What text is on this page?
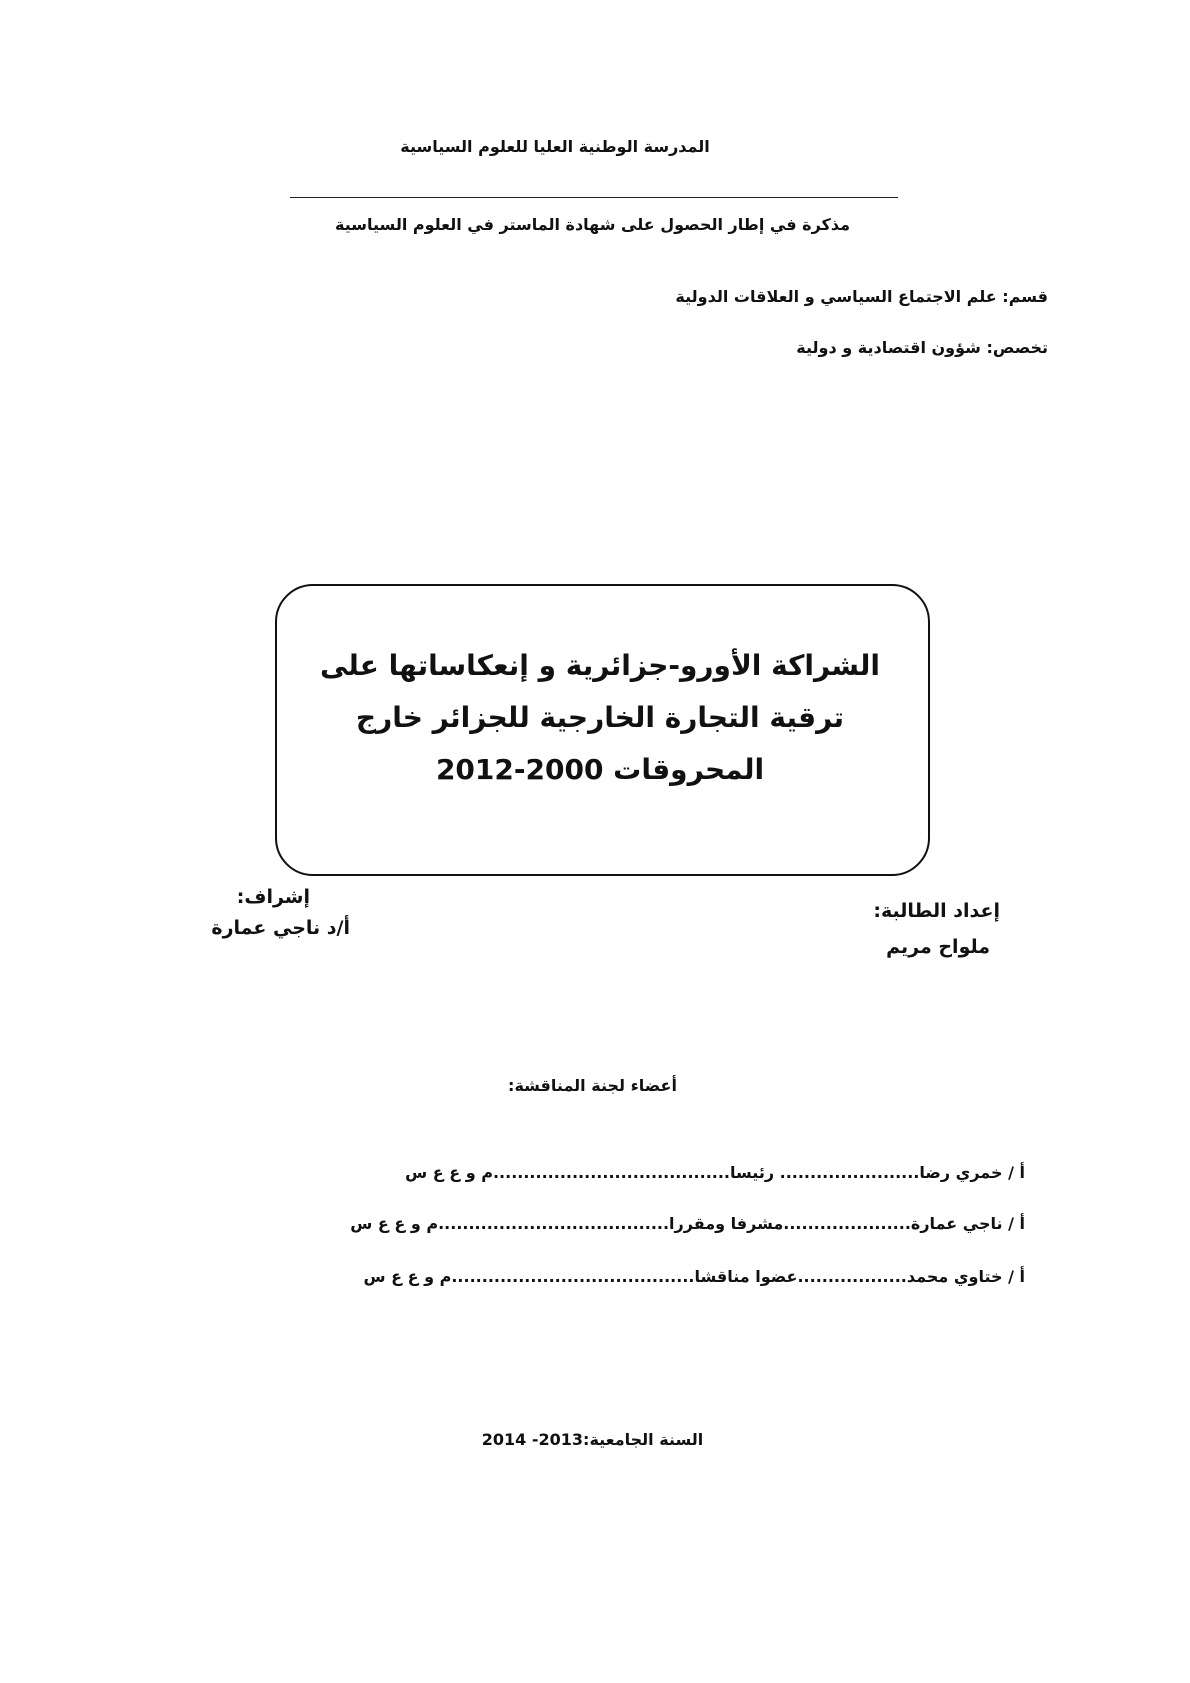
المدرسة الوطنية العليا للعلوم السياسية
مذكرة في إطار الحصول على شهادة الماستر في العلوم السياسية
قسم: علم الاجتماع السياسي و العلاقات الدولية
تخصص: شؤون اقتصادية و دولية
الشراكة الأورو-جزائرية و إنعكاساتها على
ترقية التجارة الخارجية للجزائر خارج
المحروقات 2000-2012
إشراف:
أ/د ناجي عمارة
إعداد الطالبة:
ملواح مريم
أعضاء لجنة المناقشة:
أ / خمري رضا....................... رئيسا.......................................م و ع ع س
أ / ناجي عمارة.....................مشرفا ومقررا......................................م و ع ع س
أ / ختاوي محمد..................عضوا مناقشا........................................م و ع ع س
السنة الجامعية:2013- 2014
